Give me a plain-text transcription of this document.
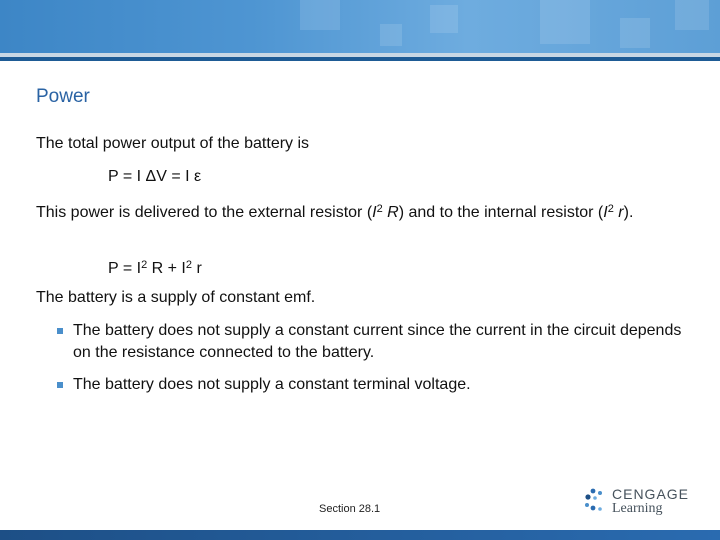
Power
The total power output of the battery is
P = I ΔV = I ε
This power is delivered to the external resistor ($I^2$ R) and to the internal resistor ($I^2$ r).
$P = I^2$ $R + I^2$ r
The battery is a supply of constant emf.
The battery does not supply a constant current since the current in the circuit depends on the resistance connected to the battery.
The battery does not supply a constant terminal voltage.
Section 28.1
CENGAGE
Learning
